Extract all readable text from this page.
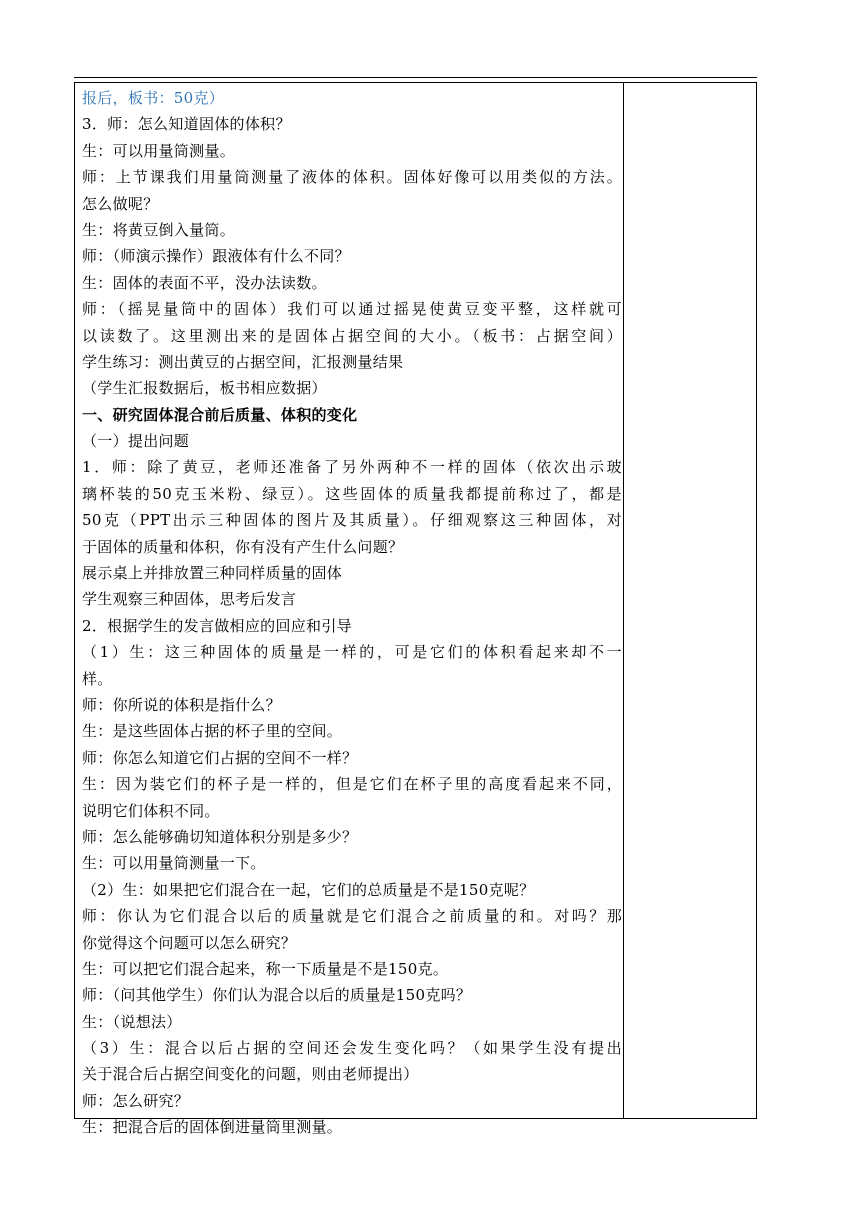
报后，板书：50克）
3．师：怎么知道固体的体积？
生：可以用量筒测量。
师：上节课我们用量筒测量了液体的体积。固体好像可以用类似的方法。
怎么做呢？
生：将黄豆倒入量筒。
师：（师演示操作）跟液体有什么不同？
生：固体的表面不平，没办法读数。
师：（摇晃量筒中的固体）我们可以通过摇晃使黄豆变平整，这样就可
以读数了。这里测出来的是固体占据空间的大小。（板书：占据空间）
学生练习：测出黄豆的占据空间，汇报测量结果
（学生汇报数据后，板书相应数据）
一、研究固体混合前后质量、体积的变化
（一）提出问题
1．师：除了黄豆，老师还准备了另外两种不一样的固体（依次出示玻
璃杯装的50克玉米粉、绿豆）。这些固体的质量我都提前称过了，都是
50克（PPT出示三种固体的图片及其质量）。仔细观察这三种固体，对
于固体的质量和体积，你有没有产生什么问题？
展示桌上并排放置三种同样质量的固体
学生观察三种固体，思考后发言
2．根据学生的发言做相应的回应和引导
（1）生：这三种固体的质量是一样的，可是它们的体积看起来却不一
样。
师：你所说的体积是指什么？
生：是这些固体占据的杯子里的空间。
师：你怎么知道它们占据的空间不一样？
生：因为装它们的杯子是一样的，但是它们在杯子里的高度看起来不同，
说明它们体积不同。
师：怎么能够确切知道体积分别是多少？
生：可以用量筒测量一下。
（2）生：如果把它们混合在一起，它们的总质量是不是150克呢？
师：你认为它们混合以后的质量就是它们混合之前质量的和。对吗？那
你觉得这个问题可以怎么研究？
生：可以把它们混合起来，称一下质量是不是150克。
师：（问其他学生）你们认为混合以后的质量是150克吗？
生：（说想法）
（3）生：混合以后占据的空间还会发生变化吗？（如果学生没有提出
关于混合后占据空间变化的问题，则由老师提出）
师：怎么研究？
生：把混合后的固体倒进量筒里测量。
